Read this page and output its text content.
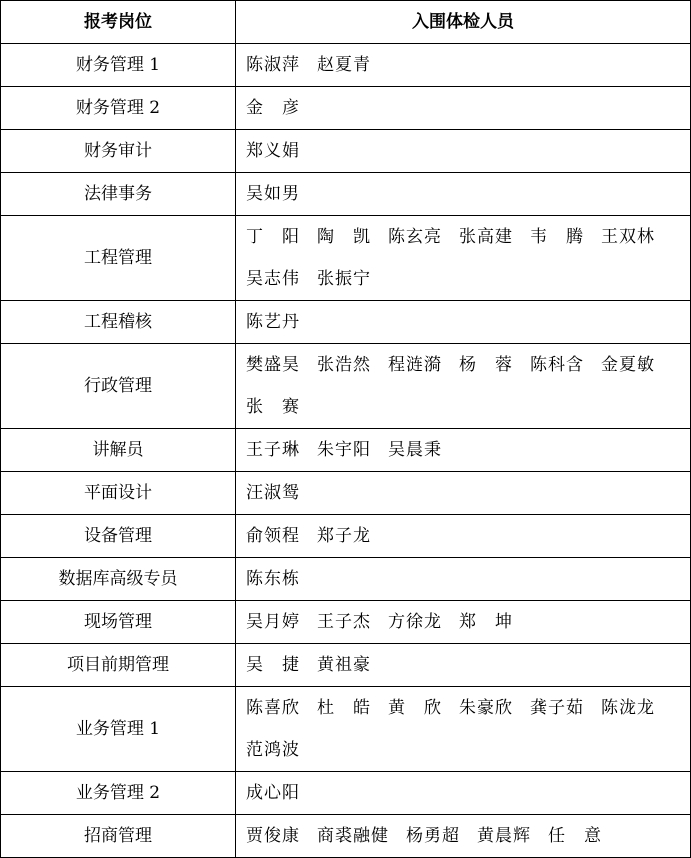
报考岗位	入围体检人员
财务管理 1	陈淑萍 赵夏青
财务管理 2	金　彦
财务审计	郑义娟
法律事务	吴如男
工程管理	丁　阳 陶　凯 陈玄亮 张高建 韦　腾 王双林吴志伟 张振宁
工程稽核	陈艺丹
行政管理	樊盛昊 张浩然 程涟漪 杨　蓉 陈科含 金夏敏张　赛
讲解员	王子琳 朱宇阳 吴晨秉
平面设计	汪淑鸳
设备管理	俞领程 郑子龙
数据库高级专员	陈东栋
现场管理	吴月婷 王子杰 方徐龙 郑　坤
项目前期管理	吴　捷 黄祖豪
业务管理 1	陈喜欣 杜　皓 黄　欣 朱豪欣 龚子茹 陈泷龙范鸿波
业务管理 2	成心阳
招商管理	贾俊康 商裘融健 杨勇超 黄晨辉 任　意
